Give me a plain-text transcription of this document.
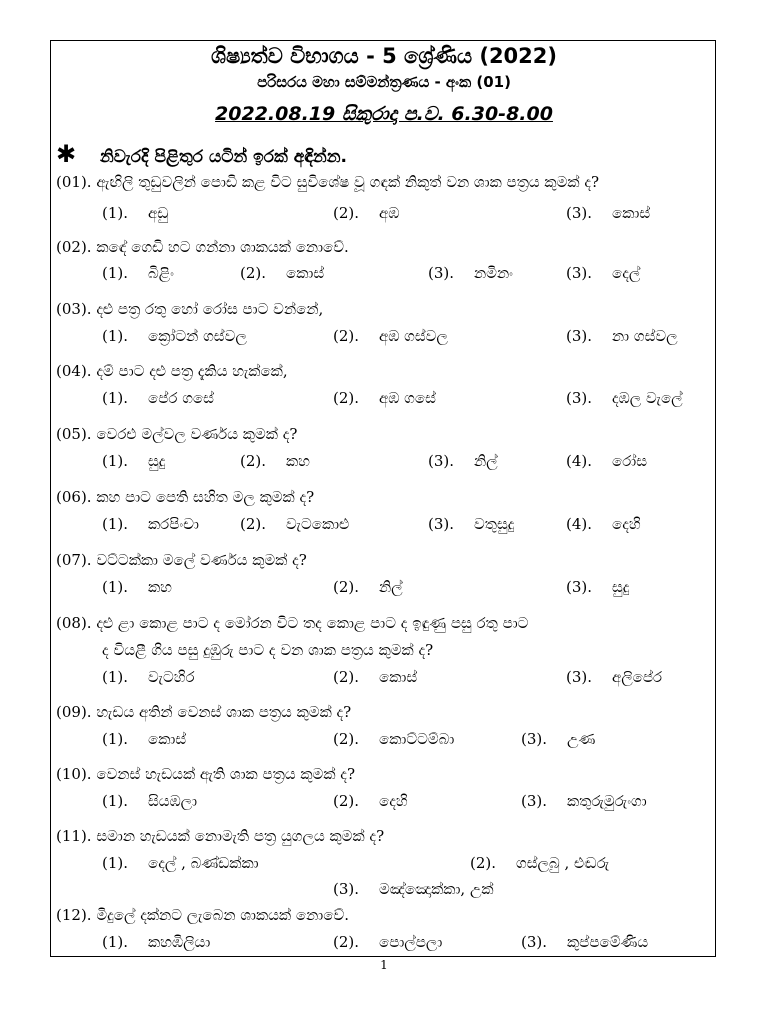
ශිෂ්‍යත්ව විභාගය - 5 ශ්‍රේණිය (2022)
පරිසරය මහා සම්මන්ත්‍රණය - අංක (01)
2022.08.19 සිකුරාදා ප.ව. 6.30-8.00
✱ නිවැරදි පිළිතුර යටින් ඉරක් අඳින්න.
(01). ඇඟිලි තුඩුවලින් පොඩි කළ විට සුවිශේෂ වූ ගඳක් නිකුත් වන ශාක පත්‍රය කුමක් ද?
(1). අඩු	(2). අඹ	(3). කොස්
(02). කඳේ ගෙඩි හට ගන්නා ශාකයක් නොවේ.
(1). බිළිං	(2). කොස්	(3). නමිනං	(3). දෙල්
(03). දළු පත්‍ර රතු හෝ රෝස පාට වන්නේ,
(1). ක්‍රෝටන් ගස්වල	(2). අඹ ගස්වල	(3). නා ගස්වල
(04). දම් පාට දළු පත්‍ර දැකිය හැක්කේ,
(1). පේර ගසේ	(2). අඹ ගසේ	(3). දඹල වැලේ
(05). වෙරළු මල්වල වර්ණය කුමක් ද?
(1). සුදු	(2). කහ	(3). නිල්	(4). රෝස
(06). කහ පාට පෙති සහිත මල කුමක් ද?
(1). කරපිංචා	(2). වැටකොළු	(3). වතුසුදු	(4). දෙහි
(07). වට්ටක්කා මලේ වර්ණය කුමක් ද?
(1). කහ	(2). නිල්	(3). සුදු
(08). දළු ළා කොළ පාට ද මෝරන විට තද කොළ පාට ද ඉඳුණු පසු රතු පාට
ද වියළී ගිය පසු දුඹුරු පාට ද වන ශාක පත්‍රය කුමක් ද?
(1). වැටහිර	(2). කොස්	(3). අලිපේර
(09). හැඩය අතින් වෙනස් ශාක පත්‍රය කුමක් ද?
(1). කොස්	(2). කොට්ටම්බා	(3). උණ
(10). වෙනස් හැඩයක් ඇති ශාක පත්‍රය කුමක් ද?
(1). සියඹලා	(2). දෙහි	(3). කතුරුමුරුංගා
(11). සමාන හැඩයක් නොමැති පත්‍ර යුගලය කුමක් ද?
(1). දෙල් , බණ්ඩක්කා	(2). ගස්ලබු , එඬරු
(3). මඤ්ඤොක්කා, උක්
(12). මිදුලේ දක්නට ලැබෙන ශාකයක් නොවේ.
(1). කහඹිලියා	(2). පොල්පලා	(3). කුප්පමේණිය
1
